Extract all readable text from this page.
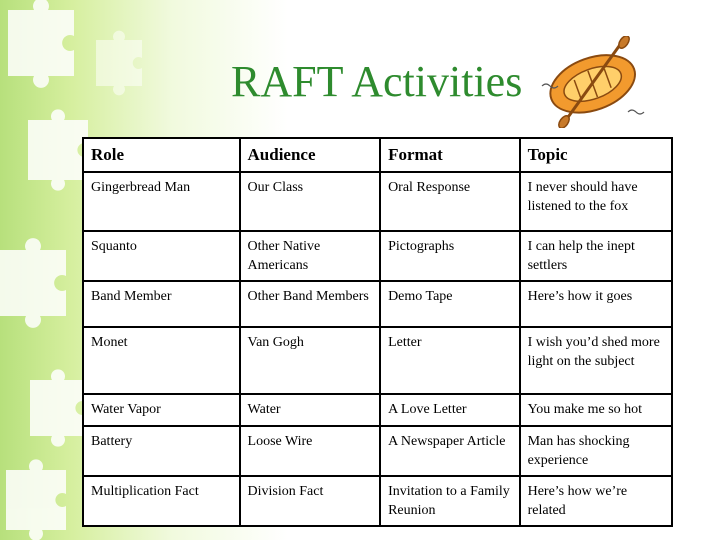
RAFT Activities
Role	Audience	Format	Topic
Gingerbread Man	Our Class	Oral Response	I never should have listened to the fox
Squanto	Other Native Americans	Pictographs	I can help the inept settlers
Band Member	Other Band Members	Demo Tape	Here’s how it goes
Monet	Van Gogh	Letter	I wish you’d shed more light on the subject
Water Vapor	Water	A Love Letter	You make me so hot
Battery	Loose Wire	A Newspaper Article	Man has shocking experience
Multiplication Fact	Division Fact	Invitation to a Family Reunion	Here’s how we’re related
